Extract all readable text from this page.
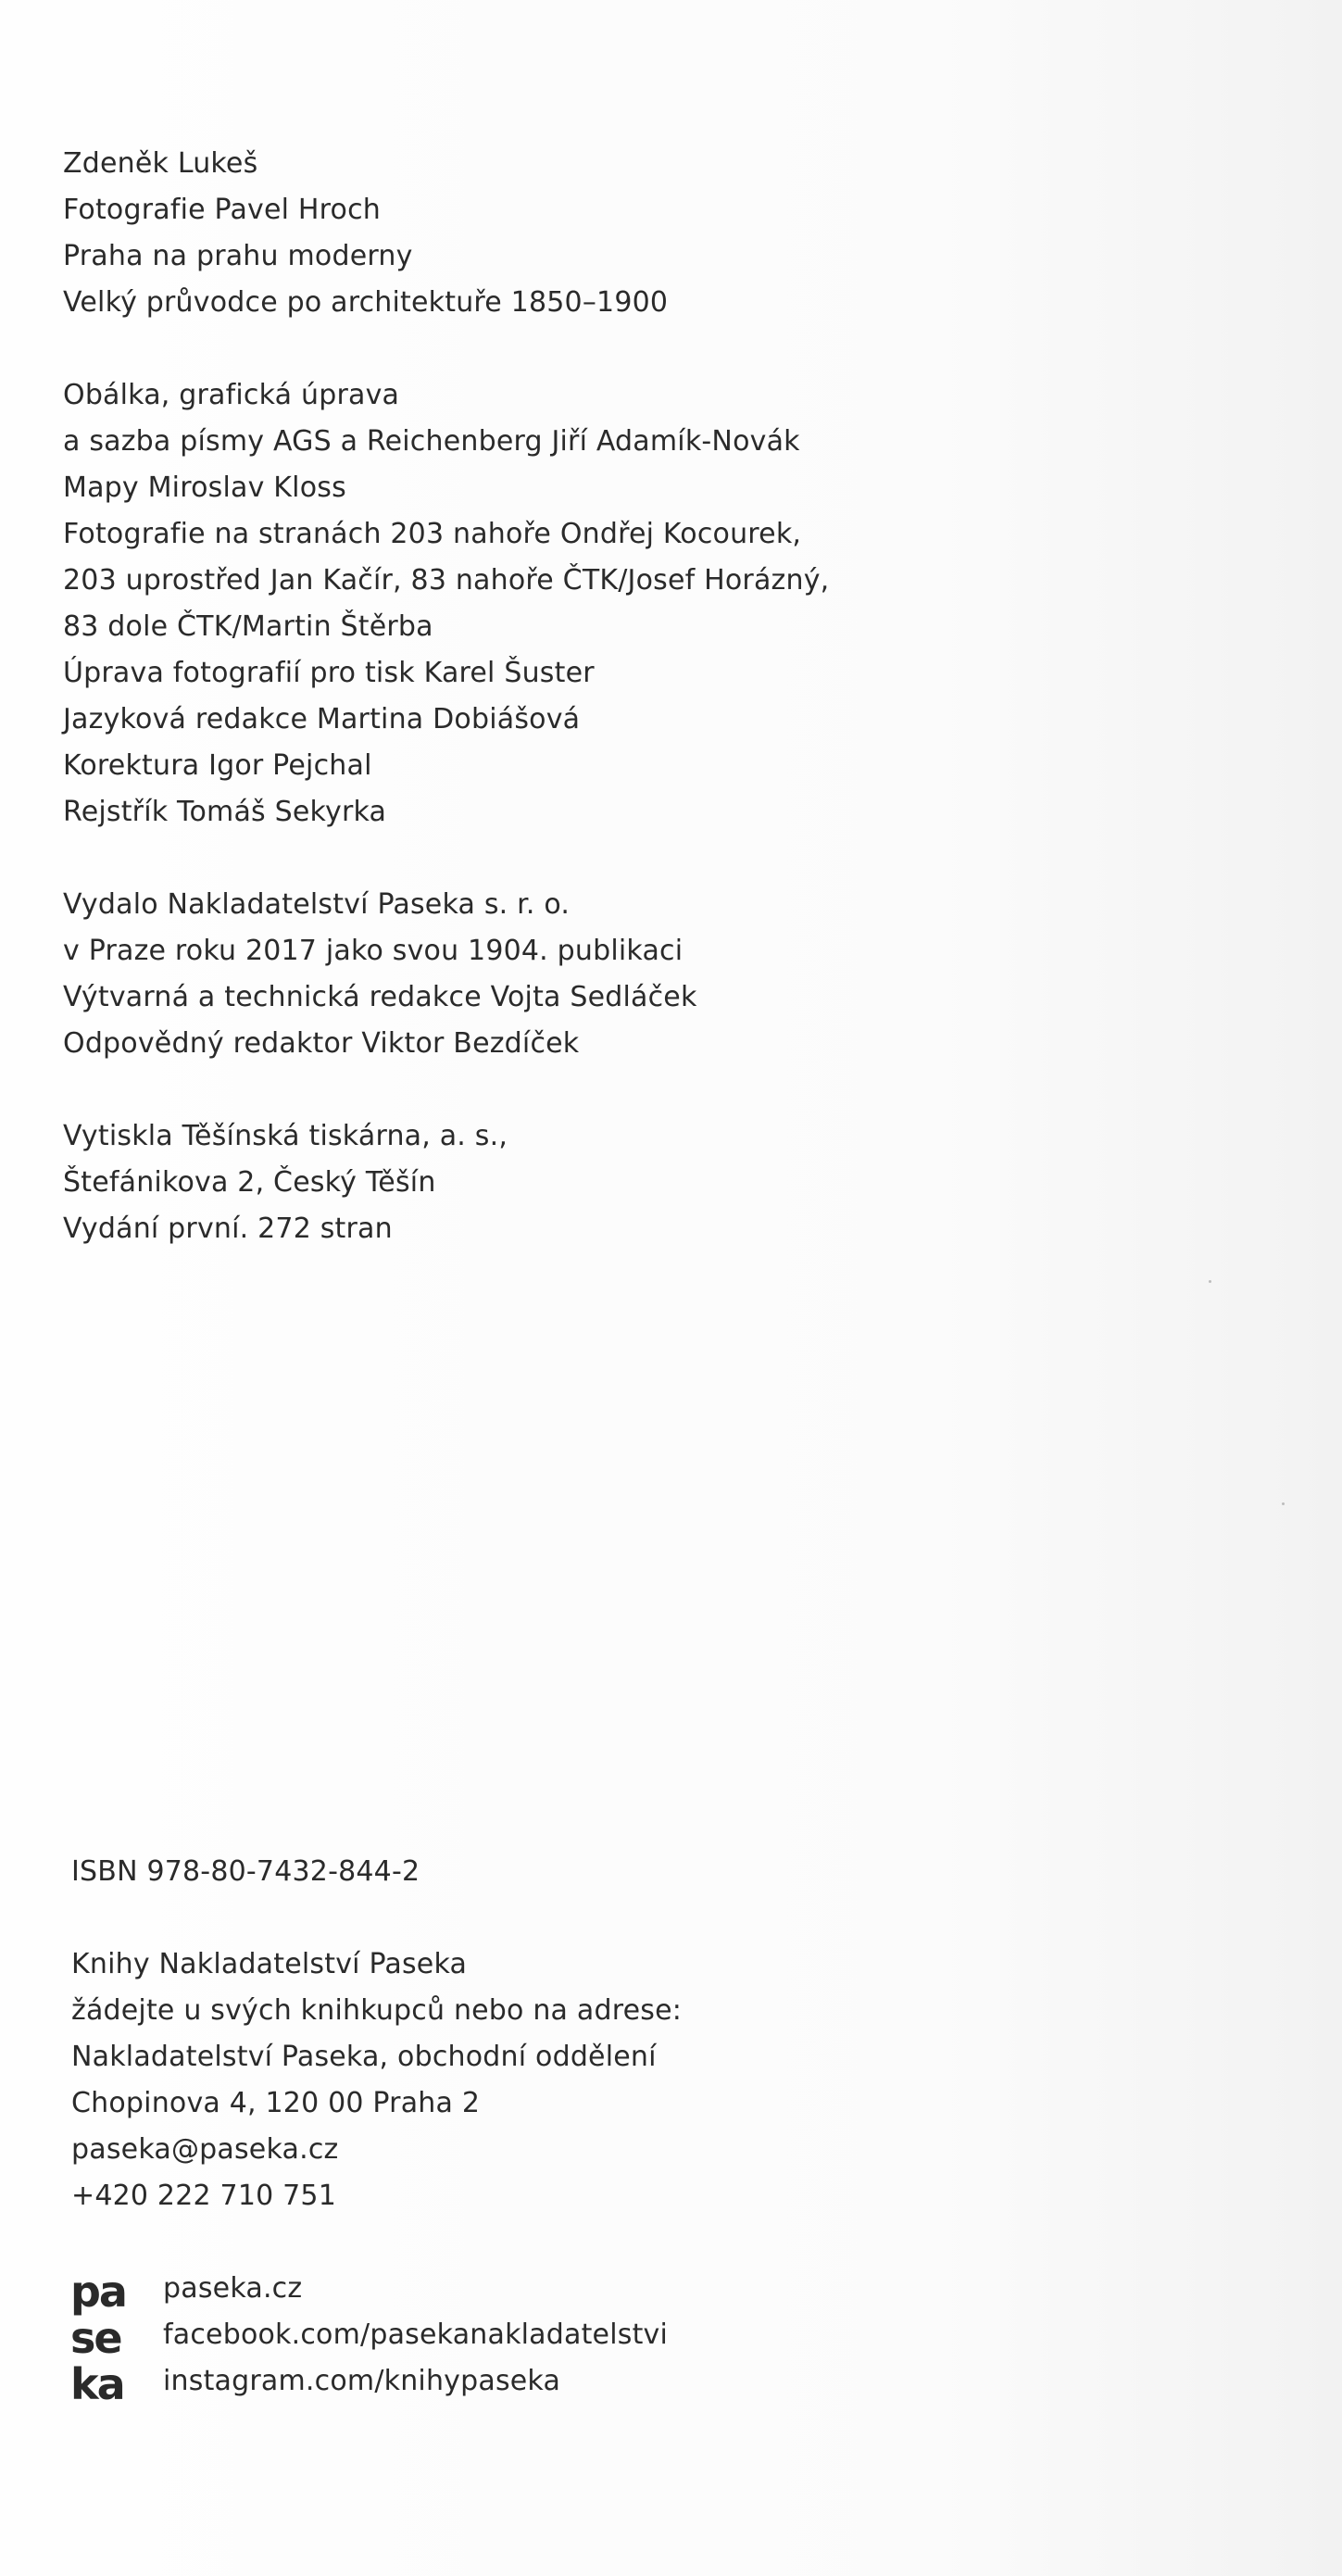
Zdeněk Lukeš
Fotografie Pavel Hroch
Praha na prahu moderny
Velký průvodce po architektuře 1850–1900
Obálka, grafická úprava
a sazba písmy AGS a Reichenberg Jiří Adamík-Novák
Mapy Miroslav Kloss
Fotografie na stranách 203 nahoře Ondřej Kocourek,
203 uprostřed Jan Kačír, 83 nahoře ČTK/Josef Horázný,
83 dole ČTK/Martin Štěrba
Úprava fotografií pro tisk Karel Šuster
Jazyková redakce Martina Dobiášová
Korektura Igor Pejchal
Rejstřík Tomáš Sekyrka
Vydalo Nakladatelství Paseka s. r. o.
v Praze roku 2017 jako svou 1904. publikaci
Výtvarná a technická redakce Vojta Sedláček
Odpovědný redaktor Viktor Bezdíček
Vytiskla Těšínská tiskárna, a. s.,
Štefánikova 2, Český Těšín
Vydání první. 272 stran
ISBN 978-80-7432-844-2
Knihy Nakladatelství Paseka
žádejte u svých knihkupců nebo na adrese:
Nakladatelství Paseka, obchodní oddělení
Chopinova 4, 120 00 Praha 2
paseka@paseka.cz
+420 222 710 751
pa
se
ka
paseka.cz
facebook.com/pasekanakladatelstvi
instagram.com/knihypaseka
